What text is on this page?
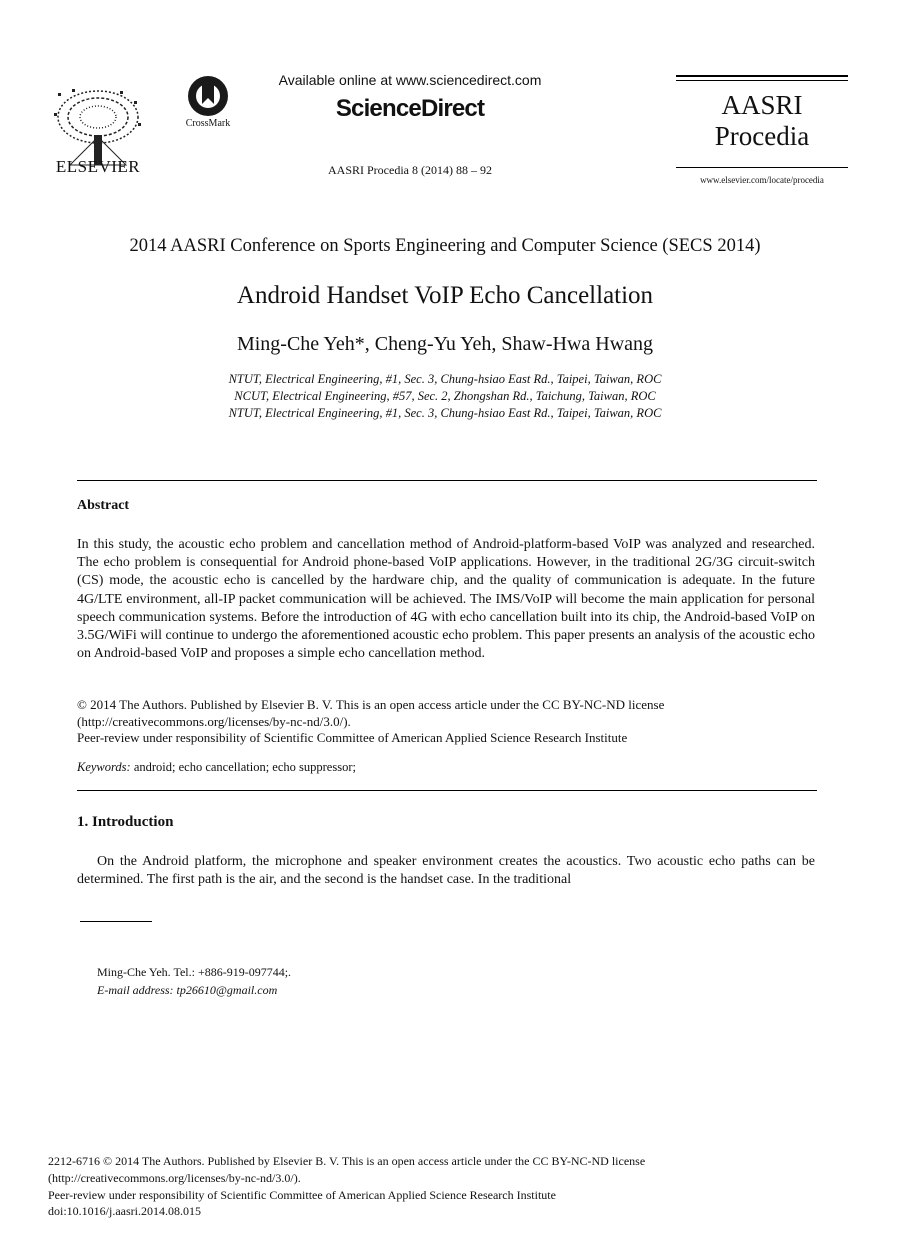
ELSEVIER
CrossMark
Available online at www.sciencedirect.com
ScienceDirect
AASRI Procedia 8 (2014) 88 – 92
AASRI
Procedia
www.elsevier.com/locate/procedia
2014 AASRI Conference on Sports Engineering and Computer Science (SECS 2014)
Android Handset VoIP Echo Cancellation
Ming-Che Yeh*, Cheng-Yu Yeh, Shaw-Hwa Hwang
NTUT, Electrical Engineering, #1, Sec. 3, Chung-hsiao East Rd., Taipei, Taiwan, ROC
NCUT, Electrical Engineering, #57, Sec. 2, Zhongshan Rd., Taichung, Taiwan, ROC
NTUT, Electrical Engineering, #1, Sec. 3, Chung-hsiao East Rd., Taipei, Taiwan, ROC
Abstract
In this study, the acoustic echo problem and cancellation method of Android-platform-based VoIP was analyzed and researched. The echo problem is consequential for Android phone-based VoIP applications. However, in the traditional 2G/3G circuit-switch (CS) mode, the acoustic echo is cancelled by the hardware chip, and the quality of communication is adequate. In the future 4G/LTE environment, all-IP packet communication will be achieved. The IMS/VoIP will become the main application for personal speech communication systems. Before the introduction of 4G with echo cancellation built into its chip, the Android-based VoIP on 3.5G/WiFi will continue to undergo the aforementioned acoustic echo problem. This paper presents an analysis of the acoustic echo on Android-based VoIP and proposes a simple echo cancellation method.
© 2014 The Authors. Published by Elsevier B. V. This is an open access article under the CC BY-NC-ND license
(http://creativecommons.org/licenses/by-nc-nd/3.0/).
Peer-review under responsibility of Scientific Committee of American Applied Science Research Institute
Keywords: android; echo cancellation; echo suppressor;
1. Introduction
On the Android platform, the microphone and speaker environment creates the acoustics. Two acoustic echo paths can be determined. The first path is the air, and the second is the handset case. In the traditional
Ming-Che Yeh. Tel.: +886-919-097744;.
E-mail address: tp26610@gmail.com
2212-6716 © 2014 The Authors. Published by Elsevier B. V. This is an open access article under the CC BY-NC-ND license
(http://creativecommons.org/licenses/by-nc-nd/3.0/).
Peer-review under responsibility of Scientific Committee of American Applied Science Research Institute
doi:10.1016/j.aasri.2014.08.015
